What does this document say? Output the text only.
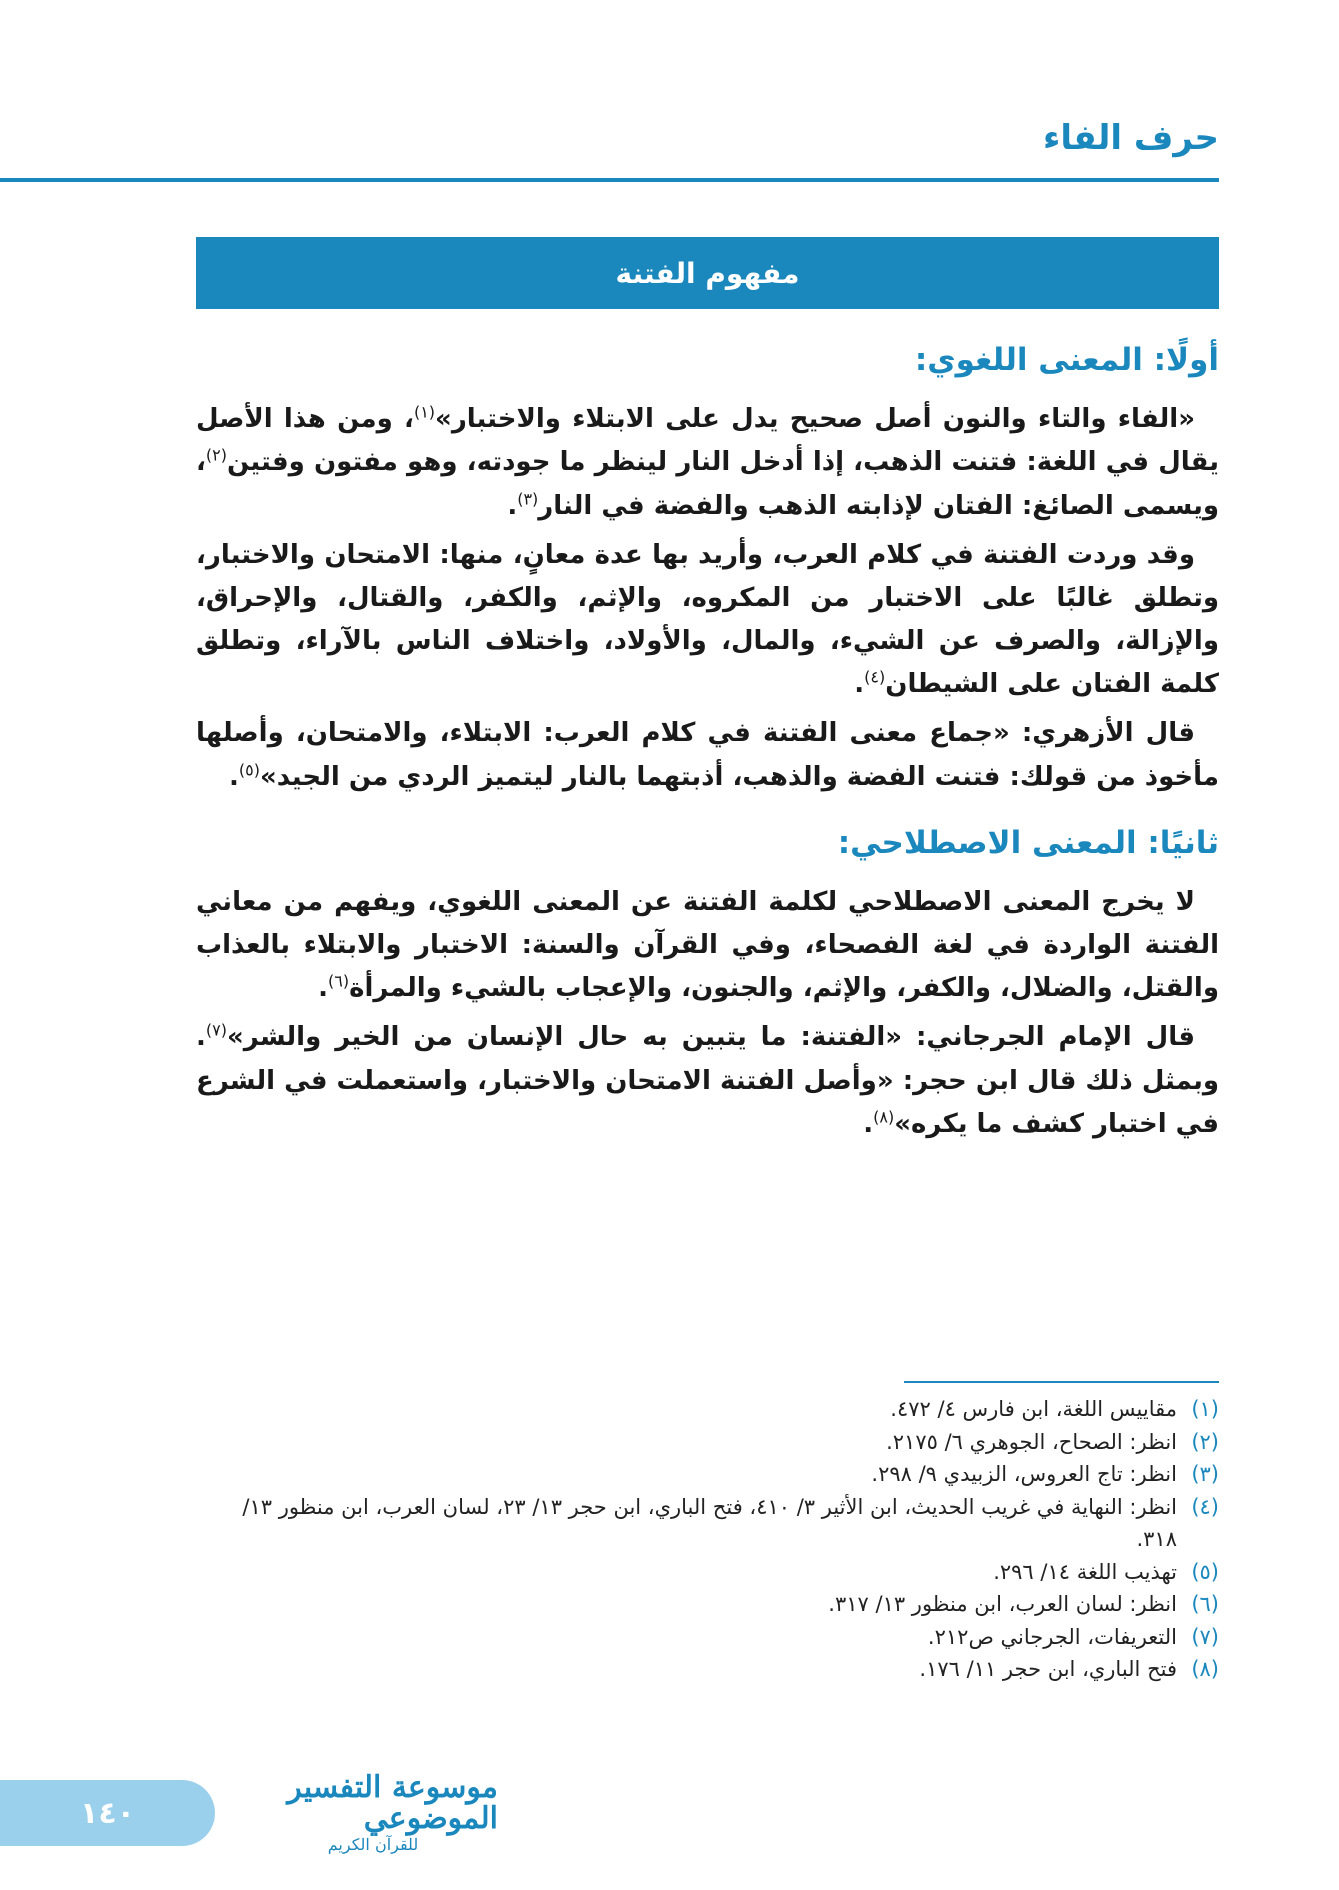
حرف الفاء
مفهوم الفتنة
أولًا: المعنى اللغوي:

«الفاء والتاء والنون أصل صحيح يدل على الابتلاء والاختبار»$^{(١)}$، ومن هذا الأصل يقال في اللغة: فتنت الذهب، إذا أدخل النار لينظر ما جودته، وهو مفتون وفتين$^{(٢)}$، ويسمى الصائغ: الفتان لإذابته الذهب والفضة في النار$^{(٣)}$.

وقد وردت الفتنة في كلام العرب، وأريد بها عدة معانٍ، منها: الامتحان والاختبار، وتطلق غالبًا على الاختبار من المكروه، والإثم، والكفر، والقتال، والإحراق، والإزالة، والصرف عن الشيء، والمال، والأولاد، واختلاف الناس بالآراء، وتطلق كلمة الفتان على الشيطان$^{(٤)}$.

قال الأزهري: «جماع معنى الفتنة في كلام العرب: الابتلاء، والامتحان، وأصلها مأخوذ من قولك: فتنت الفضة والذهب، أذبتهما بالنار ليتميز الردي من الجيد»$^{(٥)}$.

ثانيًا: المعنى الاصطلاحي:

لا يخرج المعنى الاصطلاحي لكلمة الفتنة عن المعنى اللغوي، ويفهم من معاني الفتنة الواردة في لغة الفصحاء، وفي القرآن والسنة: الاختبار والابتلاء بالعذاب والقتل، والضلال، والكفر، والإثم، والجنون، والإعجاب بالشيء والمرأة$^{(٦)}$.

قال الإمام الجرجاني: «الفتنة: ما يتبين به حال الإنسان من الخير والشر»$^{(٧)}$. وبمثل ذلك قال ابن حجر: «وأصل الفتنة الامتحان والاختبار، واستعملت في الشرع في اختبار كشف ما يكره»$^{(٨)}$.

(١)
مقاييس اللغة، ابن فارس ٤/ ٤٧٢.
(٢)
انظر: الصحاح، الجوهري ٦/ ٢١٧٥.
(٣)
انظر: تاج العروس، الزبيدي ٩/ ٢٩٨.
(٤)
انظر: النهاية في غريب الحديث، ابن الأثير ٣/ ٤١٠، فتح الباري، ابن حجر ١٣/ ٢٣، لسان العرب، ابن منظور ١٣/ ٣١٨.
(٥)
تهذيب اللغة ١٤/ ٢٩٦.
(٦)
انظر: لسان العرب، ابن منظور ١٣/ ٣١٧.
(٧)
التعريفات، الجرجاني ص٢١٢.
(٨)
فتح الباري، ابن حجر ١١/ ١٧٦.
١٤٠
موسوعة التفسير الموضوعي
للقرآن الكريم
